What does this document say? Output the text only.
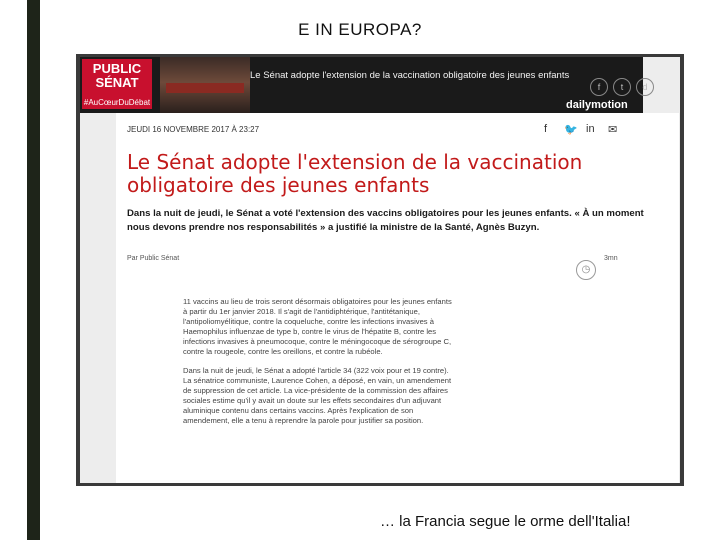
E IN EUROPA?
PUBLIC
SÉNAT
#AuCœurDuDébat
Le Sénat adopte l'extension de la vaccination obligatoire des jeunes enfants
f	t	d
dailymotion
JEUDI 16 NOVEMBRE 2017 À 23:27	f 🐦 in ✉
Le Sénat adopte l'extension de la vaccination obligatoire des jeunes enfants

Dans la nuit de jeudi, le Sénat a voté l'extension des vaccins obligatoires pour les jeunes enfants. « À un moment nous devons prendre nos responsabilités » a justifié la ministre de la Santé, Agnès Buzyn.

Par Public Sénat
◷
3mn

11 vaccins au lieu de trois seront désormais obligatoires pour les jeunes enfants à partir du 1er janvier 2018. Il s'agit de l'antidiphtérique, l'antitétanique, l'antipoliomyélitique, contre la coqueluche, contre les infections invasives à Haemophilus influenzae de type b, contre le virus de l'hépatite B, contre les infections invasives à pneumocoque, contre le méningocoque de sérogroupe C, contre la rougeole, contre les oreillons, et contre la rubéole.

Dans la nuit de jeudi, le Sénat a adopté l'article 34 (322 voix pour et 19 contre). La sénatrice communiste, Laurence Cohen, a déposé, en vain, un amendement de suppression de cet article. La vice-présidente de la commission des affaires sociales estime qu'il y avait un doute sur les effets secondaires d'un adjuvant aluminique contenu dans certains vaccins. Après l'explication de son amendement, elle a tenu à reprendre la parole pour justifier sa position.

… la Francia segue le orme dell'Italia!
